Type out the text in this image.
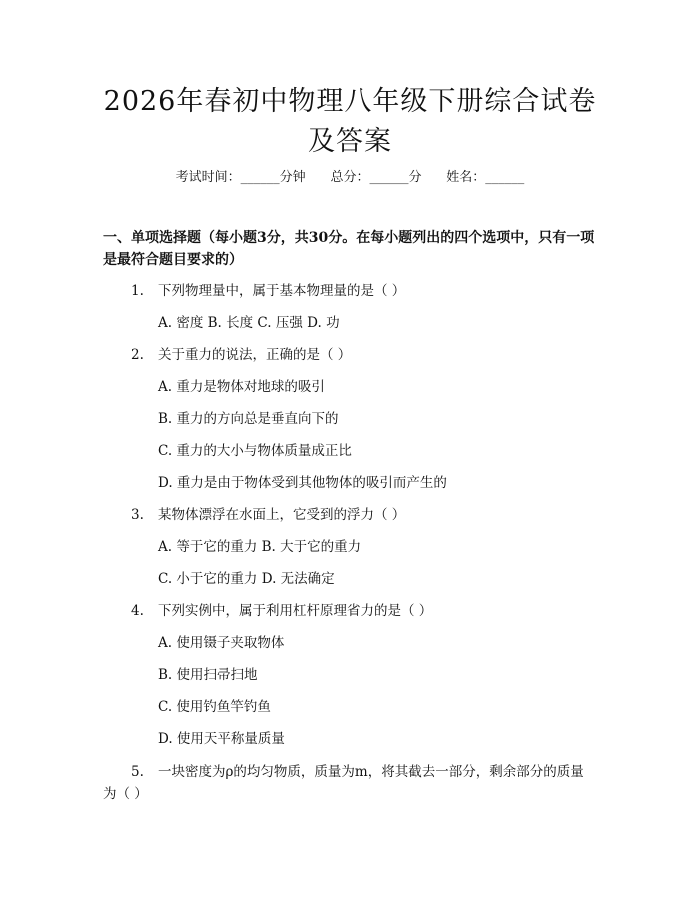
2026年春初中物理八年级下册综合试卷及答案
考试时间：______分钟 总分：______分 姓名：______
一、单项选择题（每小题3分，共30分。在每小题列出的四个选项中，只有一项是最符合题目要求的）
1. 下列物理量中，属于基本物理量的是（ ）
A. 密度 B. 长度 C. 压强 D. 功
2. 关于重力的说法，正确的是（ ）
A. 重力是物体对地球的吸引
B. 重力的方向总是垂直向下的
C. 重力的大小与物体质量成正比
D. 重力是由于物体受到其他物体的吸引而产生的
3. 某物体漂浮在水面上，它受到的浮力（ ）
A. 等于它的重力 B. 大于它的重力
C. 小于它的重力 D. 无法确定
4. 下列实例中，属于利用杠杆原理省力的是（ ）
A. 使用镊子夹取物体
B. 使用扫帚扫地
C. 使用钓鱼竿钓鱼
D. 使用天平称量质量
5. 一块密度为ρ的均匀物质，质量为m，将其截去一部分，剩余部分的质量为（ ）
